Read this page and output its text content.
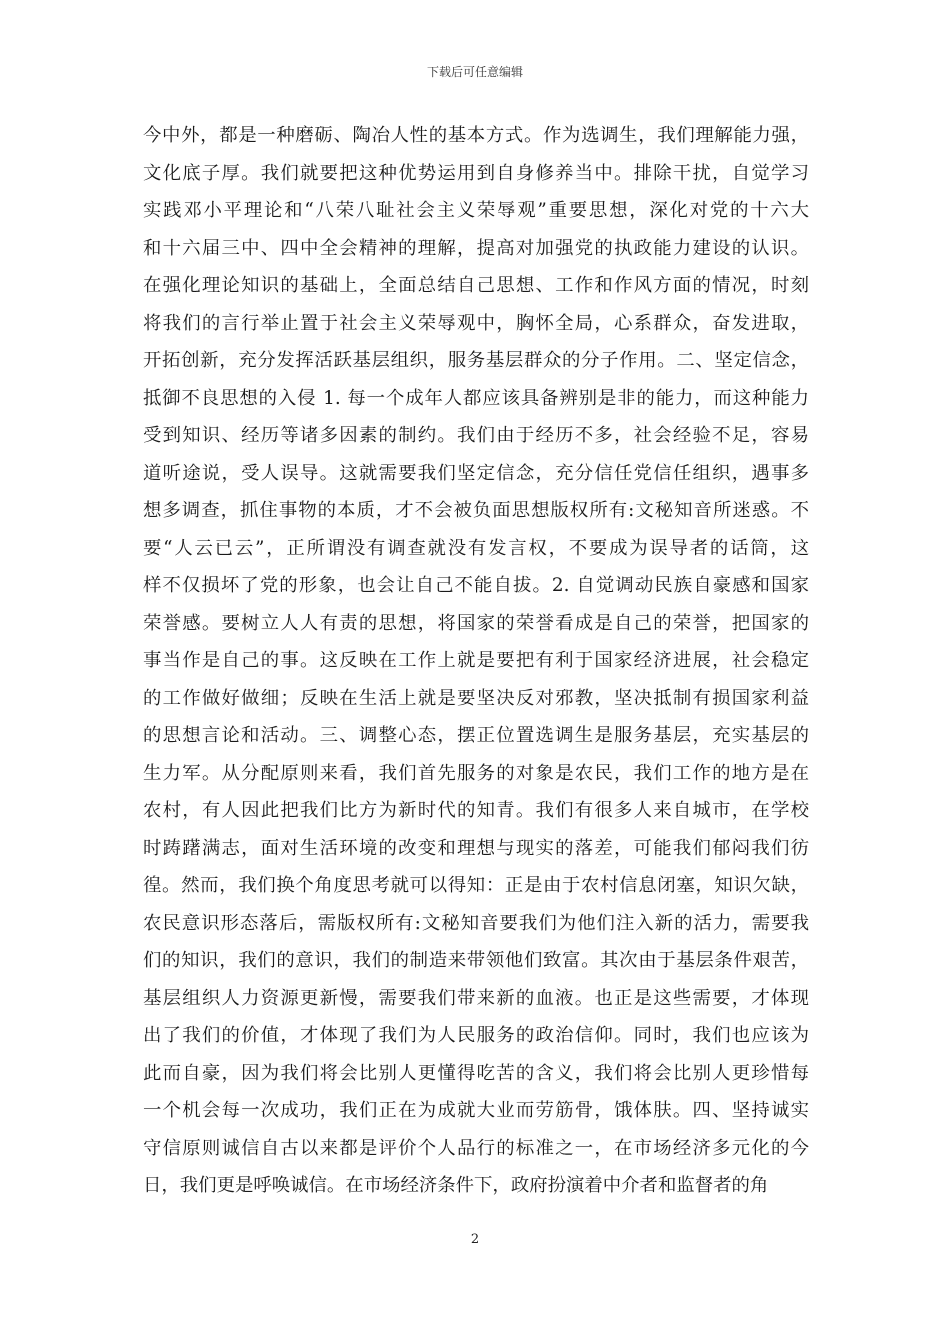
下载后可任意编辑
今中外，都是一种磨砺、陶冶人性的基本方式。作为选调生，我们理解能力强，
文化底子厚。我们就要把这种优势运用到自身修养当中。排除干扰，自觉学习
实践邓小平理论和“八荣八耻社会主义荣辱观”重要思想，深化对党的十六大
和十六届三中、四中全会精神的理解，提高对加强党的执政能力建设的认识。
在强化理论知识的基础上，全面总结自己思想、工作和作风方面的情况，时刻
将我们的言行举止置于社会主义荣辱观中，胸怀全局，心系群众，奋发进取，
开拓创新，充分发挥活跃基层组织，服务基层群众的分子作用。二、坚定信念，
抵御不良思想的入侵 1. 每一个成年人都应该具备辨别是非的能力，而这种能力
受到知识、经历等诸多因素的制约。我们由于经历不多，社会经验不足，容易
道听途说，受人误导。这就需要我们坚定信念，充分信任党信任组织，遇事多
想多调查，抓住事物的本质，才不会被负面思想版权所有:文秘知音所迷惑。不
要“人云已云”，正所谓没有调查就没有发言权，不要成为误导者的话筒，这
样不仅损坏了党的形象，也会让自己不能自拔。2. 自觉调动民族自豪感和国家
荣誉感。要树立人人有责的思想，将国家的荣誉看成是自己的荣誉，把国家的
事当作是自己的事。这反映在工作上就是要把有利于国家经济进展，社会稳定
的工作做好做细；反映在生活上就是要坚决反对邪教，坚决抵制有损国家利益
的思想言论和活动。三、调整心态，摆正位置选调生是服务基层，充实基层的
生力军。从分配原则来看，我们首先服务的对象是农民，我们工作的地方是在
农村，有人因此把我们比方为新时代的知青。我们有很多人来自城市，在学校
时踌躇满志，面对生活环境的改变和理想与现实的落差，可能我们郁闷我们彷
徨。然而，我们换个角度思考就可以得知：正是由于农村信息闭塞，知识欠缺，
农民意识形态落后，需版权所有:文秘知音要我们为他们注入新的活力，需要我
们的知识，我们的意识，我们的制造来带领他们致富。其次由于基层条件艰苦，
基层组织人力资源更新慢，需要我们带来新的血液。也正是这些需要，才体现
出了我们的价值，才体现了我们为人民服务的政治信仰。同时，我们也应该为
此而自豪，因为我们将会比别人更懂得吃苦的含义，我们将会比别人更珍惜每
一个机会每一次成功，我们正在为成就大业而劳筋骨，饿体肤。四、坚持诚实
守信原则诚信自古以来都是评价个人品行的标准之一，在市场经济多元化的今
日，我们更是呼唤诚信。在市场经济条件下，政府扮演着中介者和监督者的角
2
